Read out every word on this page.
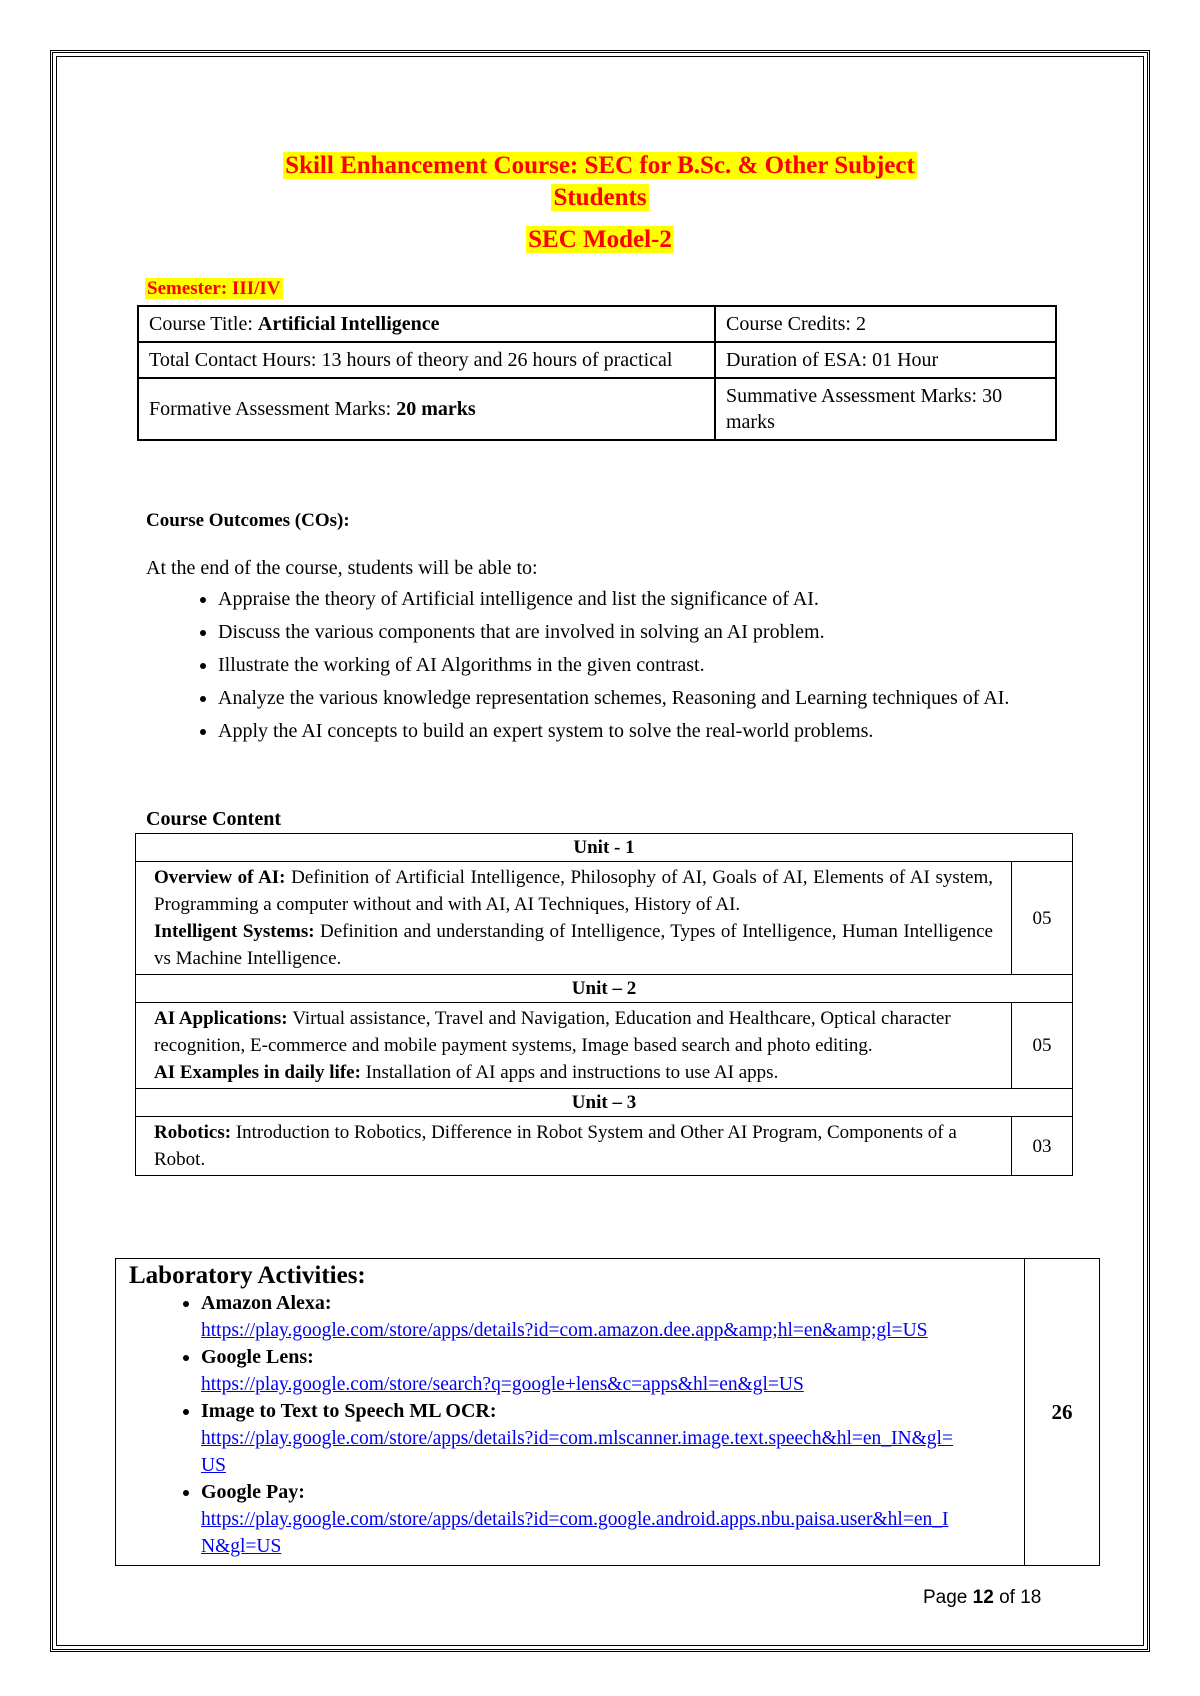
Skill Enhancement Course: SEC for B.Sc. & Other Subject
Students
SEC Model-2
Semester: III/IV
Course Title: Artificial Intelligence	Course Credits: 2
Total Contact Hours: 13 hours of theory and 26 hours of practical	Duration of ESA: 01 Hour
Formative Assessment Marks: 20 marks	Summative Assessment Marks: 30 marks
Course Outcomes (COs):
At the end of the course, students will be able to:
• Appraise the theory of Artificial intelligence and list the significance of AI.
• Discuss the various components that are involved in solving an AI problem.
• Illustrate the working of AI Algorithms in the given contrast.
• Analyze the various knowledge representation schemes, Reasoning and Learning techniques of AI.
• Apply the AI concepts to build an expert system to solve the real-world problems.
Course Content
Unit - 1	
Overview of AI: Definition of Artificial Intelligence, Philosophy of AI, Goals of AI, Elements of AI system, Programming a computer without and with AI, AI Techniques, History of AI.
Intelligent Systems: Definition and understanding of Intelligence, Types of Intelligence, Human Intelligence vs Machine Intelligence.	05
Unit – 2	
AI Applications: Virtual assistance, Travel and Navigation, Education and Healthcare, Optical character recognition, E-commerce and mobile payment systems, Image based search and photo editing.
AI Examples in daily life: Installation of AI apps and instructions to use AI apps.	05
Unit – 3	
Robotics: Introduction to Robotics, Difference in Robot System and Other AI Program, Components of a Robot.	03
Laboratory Activities:
• Amazon Alexa:
https://play.google.com/store/apps/details?id=com.amazon.dee.app&amp;hl=en&amp;gl=US
• Google Lens:
https://play.google.com/store/search?q=google+lens&c=apps&hl=en&gl=US
• Image to Text to Speech ML OCR:
https://play.google.com/store/apps/details?id=com.mlscanner.image.text.speech&hl=en_IN&gl=US
• Google Pay:
https://play.google.com/store/apps/details?id=com.google.android.apps.nbu.paisa.user&hl=en_IN&gl=US
	26
Page 12 of 18
